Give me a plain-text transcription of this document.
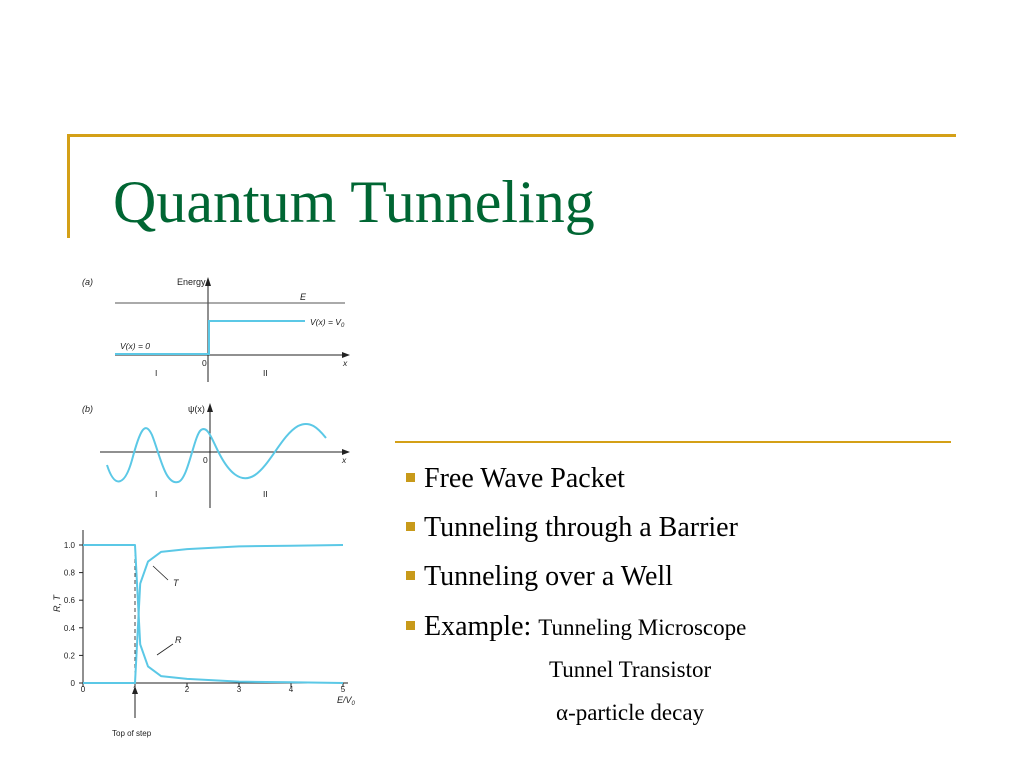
Quantum Tunneling
(a)	Energy
E
$V(x) = V_0$
V(x) = 0
0	x
I	II
(b)	ψ(x)
0	x
I	II
R, T
$E/V_0$
Top of step
T
R
0
0.2
0.4
0.6
0.8
1.0
0	1	2	3	4	5
Free Wave Packet
Tunneling through a Barrier
Tunneling over a Well
Example: Tunneling Microscope
Tunnel Transistor
α-particle decay
